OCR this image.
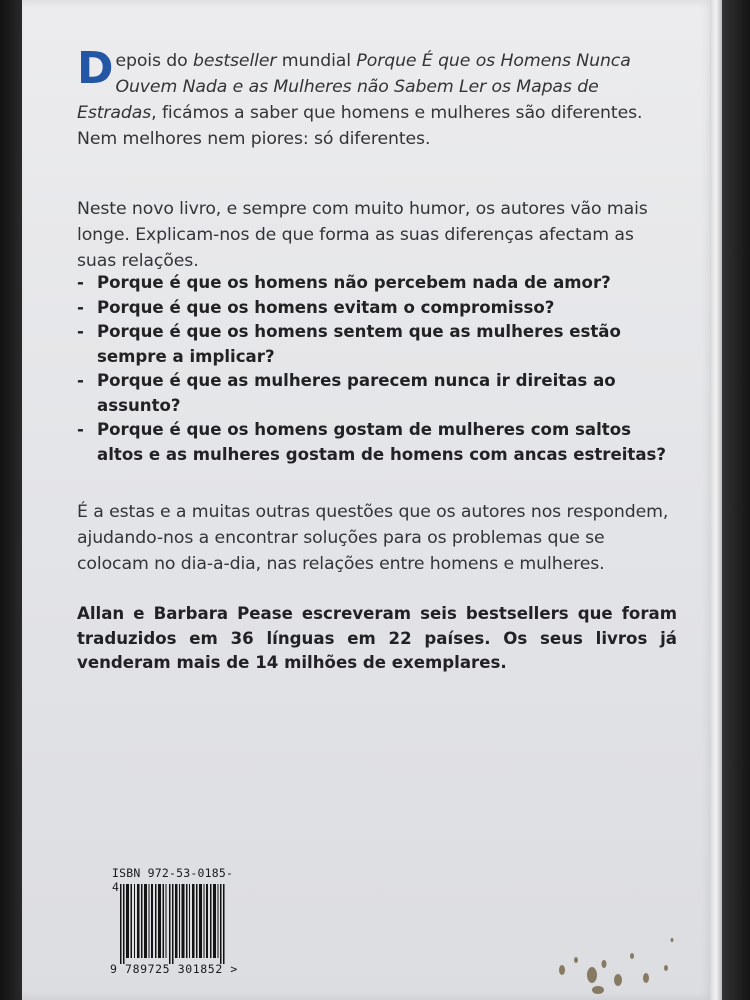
Depois do bestseller mundial Porque É que os Homens Nunca Ouvem Nada e as Mulheres não Sabem Ler os Mapas de Estradas, ficámos a saber que homens e mulheres são diferentes. Nem melhores nem piores: só diferentes.
Neste novo livro, e sempre com muito humor, os autores vão mais longe. Explicam-nos de que forma as suas diferenças afectam as suas relações.
- Porque é que os homens não percebem nada de amor?
- Porque é que os homens evitam o compromisso?
- Porque é que os homens sentem que as mulheres estão sempre a implicar?
- Porque é que as mulheres parecem nunca ir direitas ao assunto?
- Porque é que os homens gostam de mulheres com saltos altos e as mulheres gostam de homens com ancas estreitas?
É a estas e a muitas outras questões que os autores nos respondem, ajudando-nos a encontrar soluções para os problemas que se colocam no dia-a-dia, nas relações entre homens e mulheres.
Allan e Barbara Pease escreveram seis bestsellers que foram traduzidos em 36 línguas em 22 países. Os seus livros já venderam mais de 14 milhões de exemplares.
ISBN 972-53-0185-4
9 789725 301852 >
